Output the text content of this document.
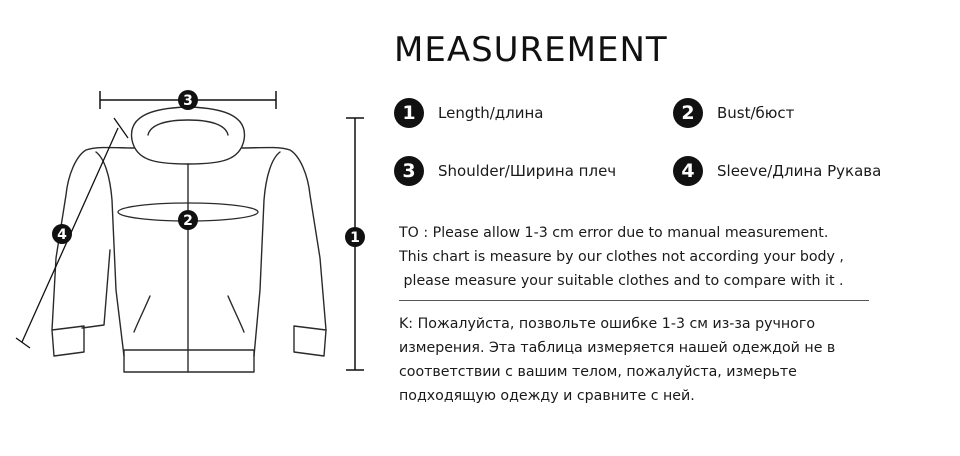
3
2
1
4
MEASUREMENT
1	Length/длина	2	Bust/бюст
3	Shoulder/Ширина плеч	4	Sleeve/Длина Рукава
TO : Please allow 1-3 cm error due to manual measurement.
This chart is measure by our clothes not according your body ,
please measure your suitable clothes and to compare with it .
K: Пожалуйста, позвольте ошибке 1-3 см из-за ручного
измерения. Эта таблица измеряется нашей одеждой не в
соответствии с вашим телом, пожалуйста, измерьте
подходящую одежду и сравните с ней.
